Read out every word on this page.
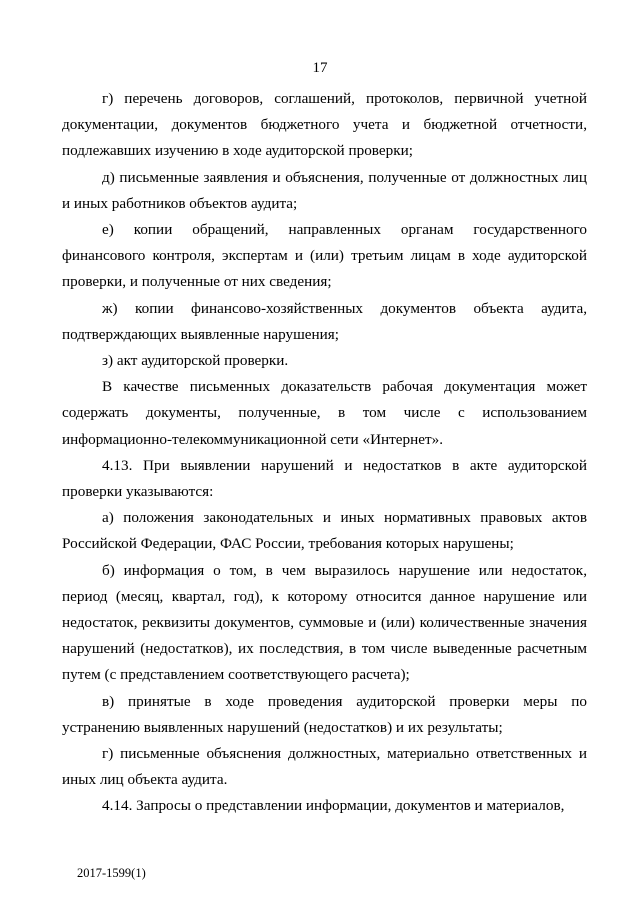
17

г) перечень договоров, соглашений, протоколов, первичной учетной документации, документов бюджетного учета и бюджетной отчетности, подлежавших изучению в ходе аудиторской проверки;

д) письменные заявления и объяснения, полученные от должностных лиц и иных работников объектов аудита;

е) копии обращений, направленных органам государственного финансового контроля, экспертам и (или) третьим лицам в ходе аудиторской проверки, и полученные от них сведения;

ж) копии финансово-хозяйственных документов объекта аудита, подтверждающих выявленные нарушения;

з) акт аудиторской проверки.

В качестве письменных доказательств рабочая документация может содержать документы, полученные, в том числе с использованием информационно-телекоммуникационной сети «Интернет».

4.13. При выявлении нарушений и недостатков в акте аудиторской проверки указываются:

а) положения законодательных и иных нормативных правовых актов Российской Федерации, ФАС России, требования которых нарушены;

б) информация о том, в чем выразилось нарушение или недостаток, период (месяц, квартал, год), к которому относится данное нарушение или недостаток, реквизиты документов, суммовые и (или) количественные значения нарушений (недостатков), их последствия, в том числе выведенные расчетным путем (с представлением соответствующего расчета);

в) принятые в ходе проведения аудиторской проверки меры по устранению выявленных нарушений (недостатков) и их результаты;

г) письменные объяснения должностных, материально ответственных и иных лиц объекта аудита.

4.14. Запросы о представлении информации, документов и материалов,

2017-1599(1)
